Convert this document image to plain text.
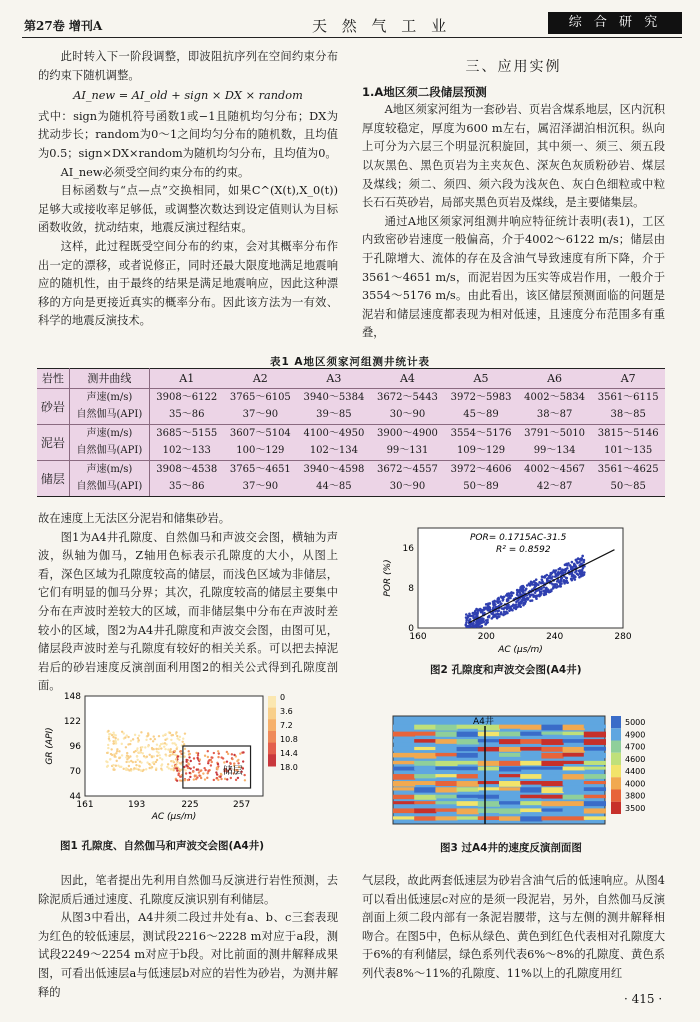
第27卷 增刊A	天 然 气 工 业	综 合 研 究

此时转入下一阶段调整，即波阻抗序列在空间约束分布的约束下随机调整。

AI_new = AI_old + sign × DX × random

式中：sign为随机符号函数1或−1且随机均匀分布；DX为扰动步长；random为0～1之间均匀分布的随机数，且均值为0.5；sign×DX×random为随机均匀分布，且均值为0。

AI_new必须受空间约束分布的约束。

目标函数与“点—点”交换相同，如果C^(X(t),X_0(t))足够大或接收率足够低，或调整次数达到设定值则认为目标函数收敛，扰动结束，地震反演过程结束。

这样，此过程既受空间分布的约束，会对其概率分布作出一定的漂移，或者说修正，同时还最大限度地满足地震响应的随机性，由于最终的结果是满足地震响应，因此这种漂移的方向是更接近真实的概率分布。因此该方法为一有效、科学的地震反演技术。

三、应用实例

1.A地区须二段储层预测

A地区须家河组为一套砂岩、页岩含煤系地层，区内沉积厚度较稳定，厚度为600 m左右，属沼泽湖泊相沉积。纵向上可分为六层三个明显沉积旋回，其中须一、须三、须五段以灰黑色、黑色页岩为主夹灰色、深灰色灰质粉砂岩、煤层及煤线；须二、须四、须六段为浅灰色、灰白色细粒或中粒长石石英砂岩，局部夹黑色页岩及煤线，是主要储集层。

通过A地区须家河组测井响应特征统计表明(表1)，工区内致密砂岩速度一般偏高，介于4002～6122 m/s；储层由于孔隙增大、流体的存在及含油气导致速度有所下降，介于3561～4651 m/s，而泥岩因为压实等成岩作用，一般介于3554～5176 m/s。由此看出，该区储层预测面临的问题是泥岩和储层速度都表现为相对低速，且速度分布范围多有重叠，

表1 A地区须家河组测井统计表
岩性	测井曲线	A1	A2	A3	A4	A5	A6	A7
砂岩	声速(m/s)	3908～6122	3765～6105	3940～5384	3672～5443	3972～5983	4002～5834	3561～6115
	自然伽马(API)	35～86	37～90	39～85	30～90	45～89	38～87	38～85
泥岩	声速(m/s)	3685～5155	3607～5104	4100～4950	3900～4900	3554～5176	3791～5010	3815～5146
	自然伽马(API)	102～133	100～129	102～134	99～131	109～129	99～134	101～135
储层	声速(m/s)	3908～4538	3765～4651	3940～4598	3672～4557	3972～4606	4002～4567	3561～4625
	自然伽马(API)	35～86	37～90	44～85	30～90	50～89	42～87	50～85

故在速度上无法区分泥岩和储集砂岩。

图1为A4井孔隙度、自然伽马和声波交会图，横轴为声波，纵轴为伽马，Z轴用色标表示孔隙度的大小，从图上看，深色区域为孔隙度较高的储层，而浅色区域为非储层，它们有明显的伽马分界；其次，孔隙度较高的储层主要集中分布在声波时差较大的区域，而非储层集中分布在声波时差较小的区域，图2为A4井孔隙度和声波交会图，由图可见，储层段声波时差与孔隙度有较好的相关关系。可以把去掉泥岩后的砂岩速度反演剖面利用图2的相关公式得到孔隙度剖面。

148
122
96
70
44
161	193	225	257
GR (API)
AC (μs/m)
储层
0
3.6
7.2
10.8
14.4
18.0
图1 孔隙度、自然伽马和声波交会图(A4井)
16
8
0
160	200	240	280
POR (%)
AC (μs/m)
POR= 0.1715AC-31.5
R² = 0.8592
图2 孔隙度和声波交会图(A4井)
A4井	5000
4900
4700
4600
4400
4000
3800
3500
图3 过A4井的速度反演剖面图

因此，笔者提出先利用自然伽马反演进行岩性预测，去除泥质后通过速度、孔隙度反演识别有利储层。

从图3中看出，A4井须二段过井处有a、b、c三套表现为红色的较低速层，测试段2216～2228 m对应于a段，测试段2249～2254 m对应于b段。对比前面的测井解释成果图，可看出低速层a与低速层b对应的岩性为砂岩，为测井解释的

气层段，故此两套低速层为砂岩含油气后的低速响应。从图4可以看出低速层c对应的是须一段泥岩，另外，自然伽马反演剖面上须二段内部有一条泥岩腰带，这与左侧的测井解释相吻合。在图5中，色标从绿色、黄色到红色代表相对孔隙度大于6%的有利储层，绿色系列代表6%～8%的孔隙度、黄色系列代表8%～11%的孔隙度、11%以上的孔隙度用红

· 415 ·
